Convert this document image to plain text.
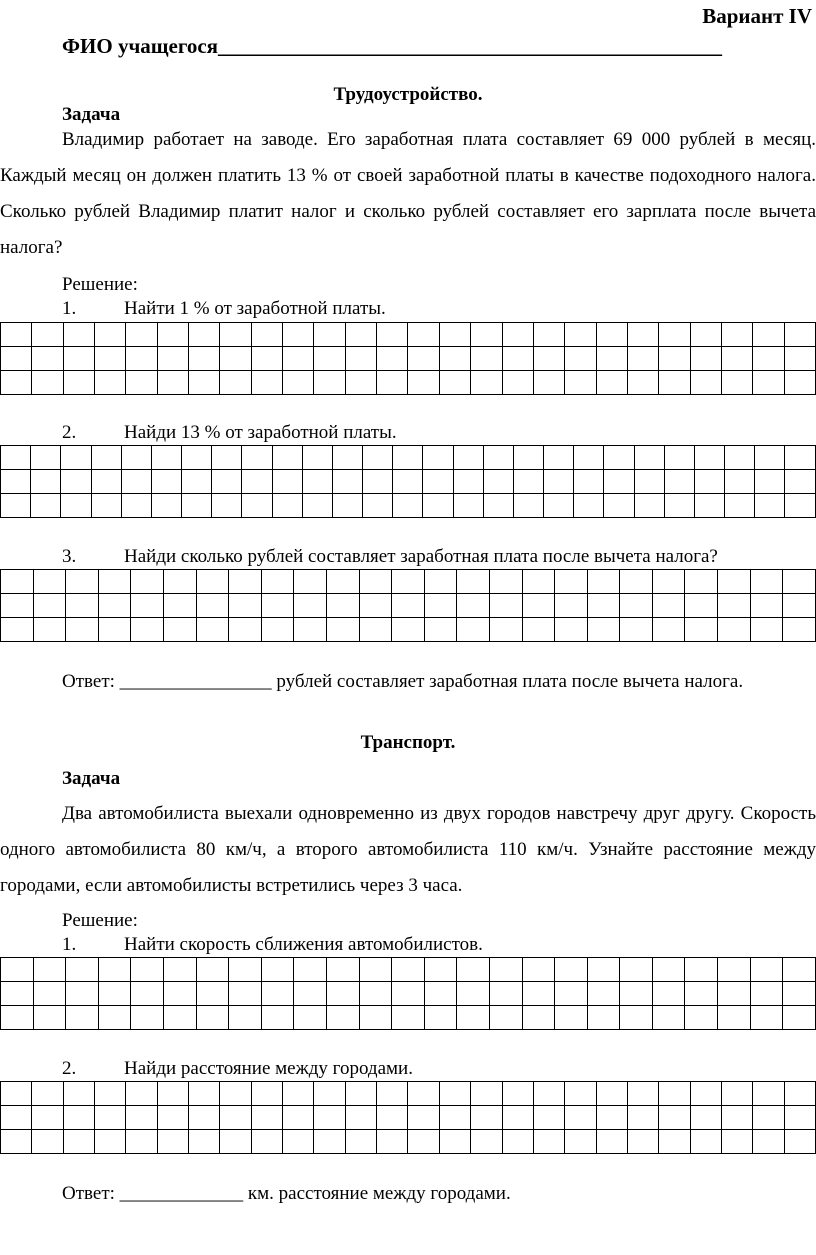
Вариант IV
ФИО учащегося________________________________________________
Трудоустройство.
Задача
Владимир работает на заводе. Его заработная плата составляет 69 000 рублей в месяц. Каждый месяц он должен платить 13 % от своей заработной платы в качестве подоходного налога. Сколько рублей Владимир платит налог и сколько рублей составляет его зарплата после вычета налога?
Решение:
1.	Найти 1 % от заработной платы.

2.	Найди 13 % от заработной платы.

3.	Найди сколько рублей составляет заработная плата после вычета налога?

Ответ: ________________ рублей составляет заработная плата после вычета налога.
Транспорт.
Задача
Два автомобилиста выехали одновременно из двух городов навстречу друг другу. Скорость одного автомобилиста 80 км/ч, а второго автомобилиста 110 км/ч. Узнайте расстояние между городами, если автомобилисты встретились через 3 часа.
Решение:
1.	Найти скорость сближения автомобилистов.

2.	Найди расстояние между городами.

Ответ: _____________ км. расстояние между городами.
